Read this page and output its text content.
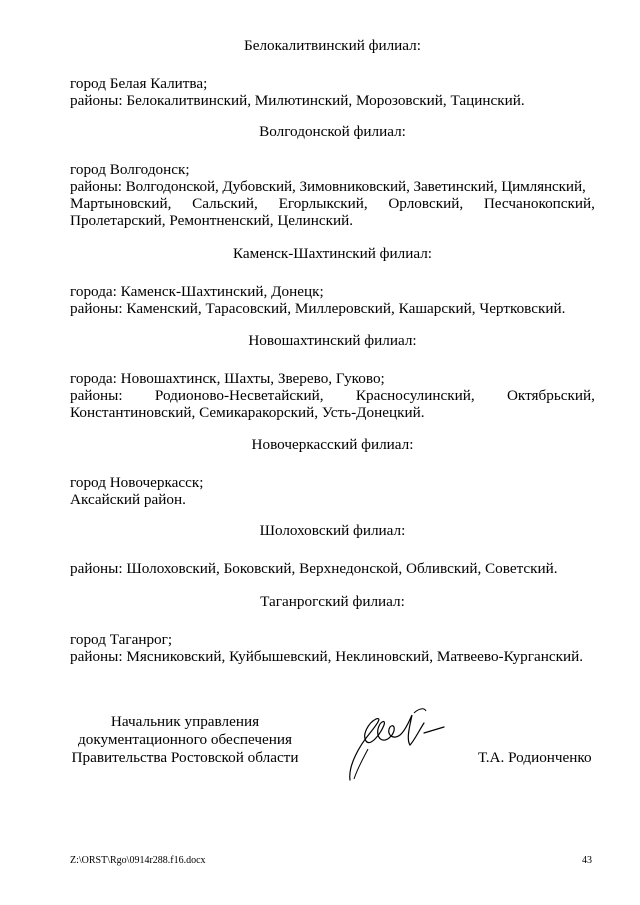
Белокалитвинский филиал:
город Белая Калитва;
районы: Белокалитвинский, Милютинский, Морозовский, Тацинский.
Волгодонской филиал:
город Волгодонск;
районы: Волгодонской, Дубовский, Зимовниковский, Заветинский, Цимлянский,
Мартыновский, Сальский, Егорлыкский, Орловский, Песчанокопский,
Пролетарский, Ремонтненский, Целинский.
Каменск-Шахтинский филиал:
города: Каменск-Шахтинский, Донецк;
районы: Каменский, Тарасовский, Миллеровский, Кашарский, Чертковский.
Новошахтинский филиал:
города: Новошахтинск, Шахты, Зверево, Гуково;
районы: Родионово-Несветайский, Красносулинский, Октябрьский,
Константиновский, Семикаракорский, Усть-Донецкий.
Новочеркасский филиал:
город Новочеркасск;
Аксайский район.
Шолоховский филиал:
районы: Шолоховский, Боковский, Верхнедонской, Обливский, Советский.
Таганрогский филиал:
город Таганрог;
районы: Мясниковский, Куйбышевский, Неклиновский, Матвеево-Курганский.
Начальник управления
документационного обеспечения
Правительства Ростовской области	Т.А. Родионченко
Z:\ORST\Rgo\0914r288.f16.docx	43
